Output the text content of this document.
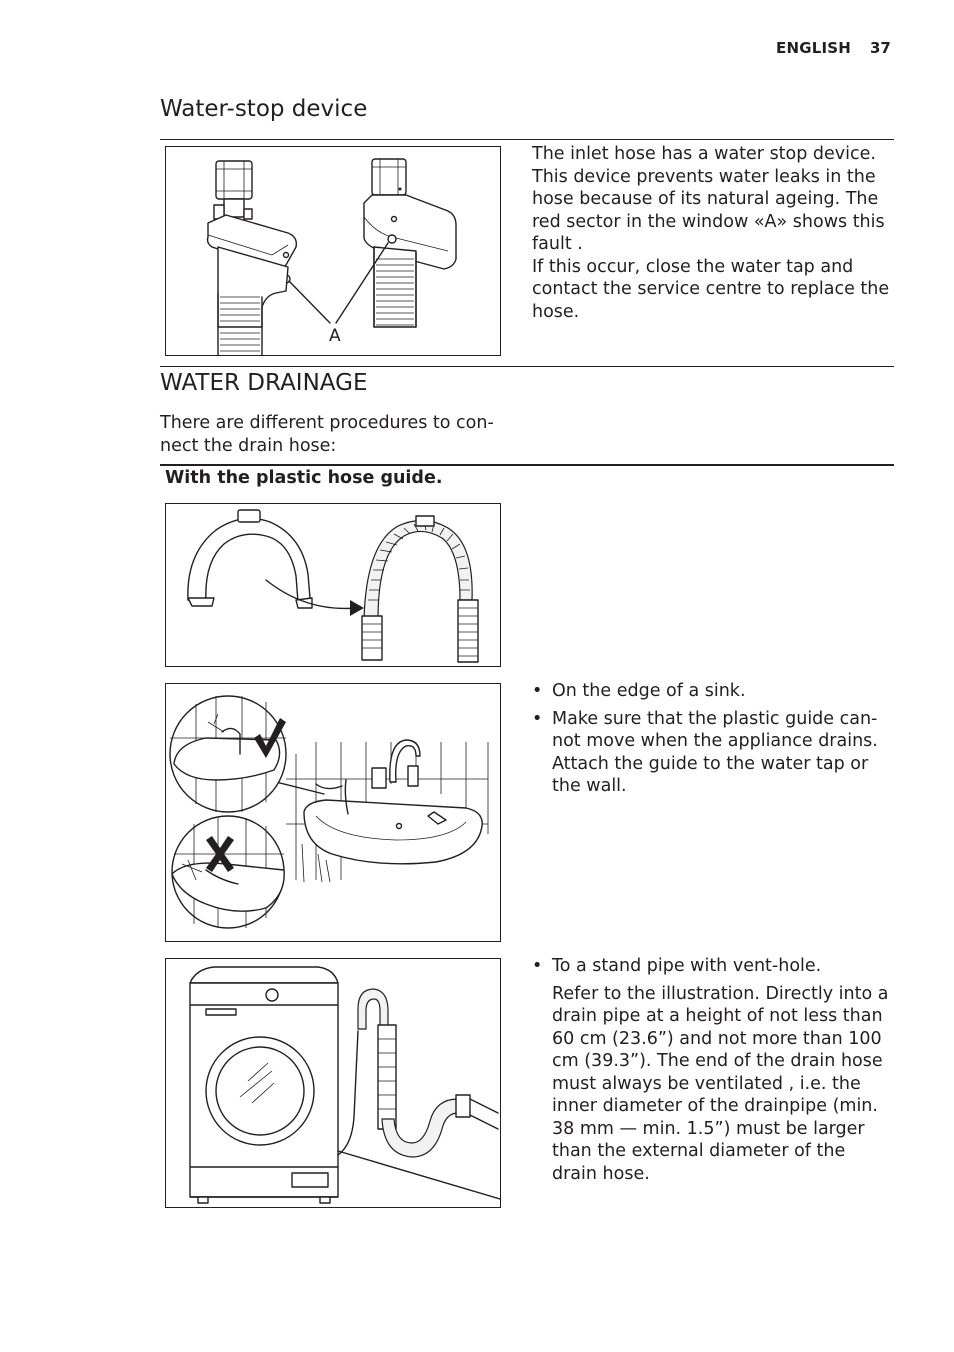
ENGLISH 37
Water-stop device
A

The inlet hose has a water stop device. This device prevents water leaks in the hose because of its natural ageing. The red sector in the window «A» shows this fault .

If this occur, close the water tap and contact the service centre to replace the hose.

WATER DRAINAGE
There are different procedures to con-nect the drain hose:
With the plastic hose guide.
• On the edge of a sink.
• Make sure that the plastic guide can-not move when the appliance drains. Attach the guide to the water tap or the wall.
• To a stand pipe with vent-hole.
Refer to the illustration. Directly into a drain pipe at a height of not less than 60 cm (23.6”) and not more than 100 cm (39.3”). The end of the drain hose must always be ventilated , i.e. the inner diameter of the drainpipe (min. 38 mm — min. 1.5”) must be larger than the external diameter of the drain hose.
